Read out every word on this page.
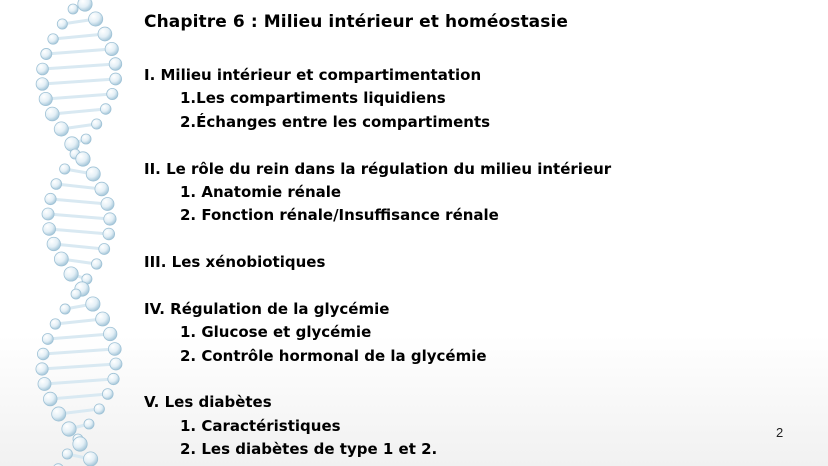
Chapitre 6 : Milieu intérieur et homéostasie
I. Milieu intérieur et compartimentation
1.Les compartiments liquidiens
2.Échanges entre les compartiments
II. Le rôle du rein dans la régulation du milieu intérieur
1. Anatomie rénale
2. Fonction rénale/Insuffisance rénale
III. Les xénobiotiques
IV. Régulation de la glycémie
1. Glucose et glycémie
2. Contrôle hormonal de la glycémie
V. Les diabètes
1. Caractéristiques
2. Les diabètes de type 1 et 2.
2
